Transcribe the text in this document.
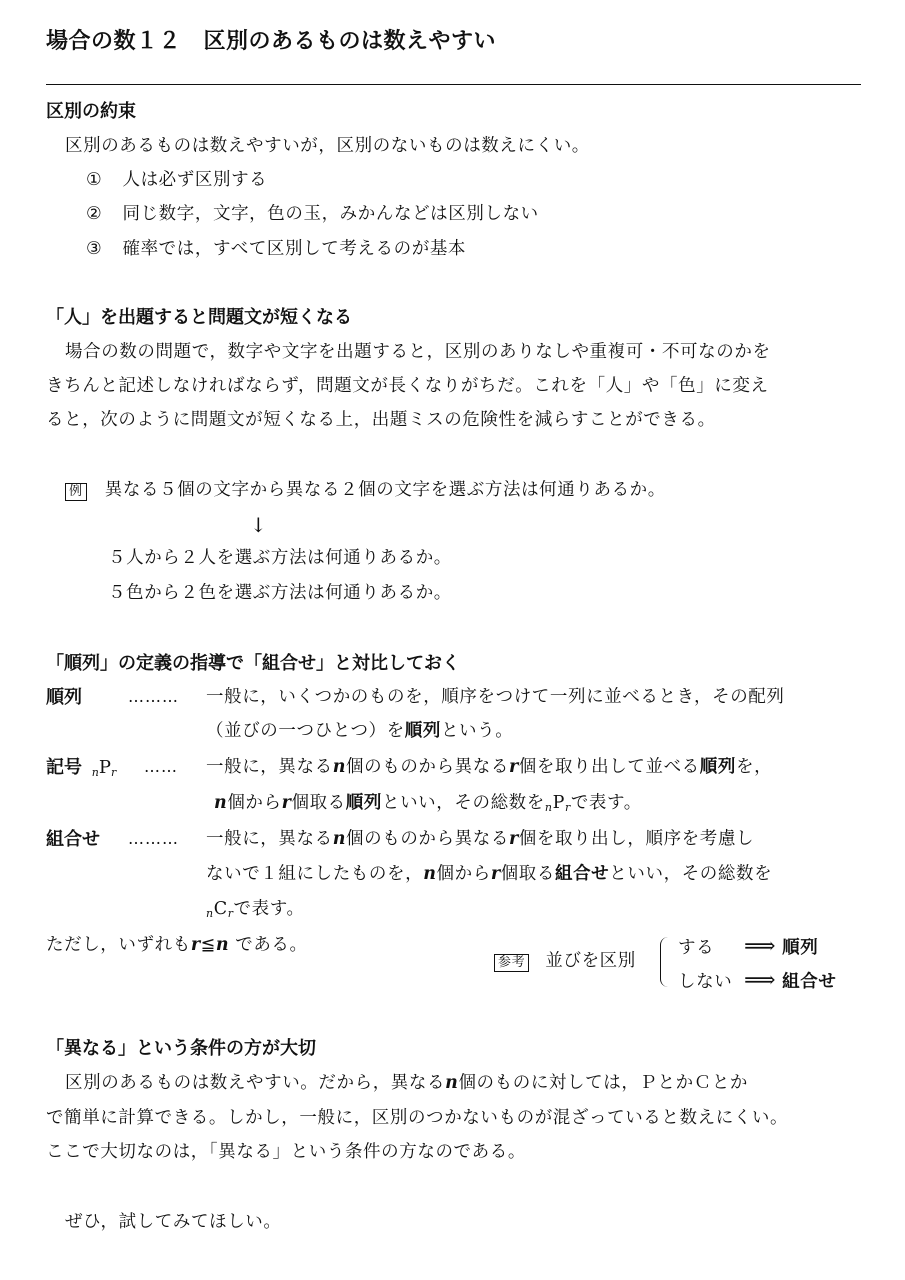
場合の数１２　区別のあるものは数えやすい
区別の約束
区別のあるものは数えやすいが，区別のないものは数えにくい。
① 人は必ず区別する
② 同じ数字，文字，色の玉，みかんなどは区別しない
③ 確率では，すべて区別して考えるのが基本
「人」を出題すると問題文が短くなる
場合の数の問題で，数字や文字を出題すると，区別のありなしや重複可・不可なのかを
きちんと記述しなければならず，問題文が長くなりがちだ。これを「人」や「色」に変え
ると，次のように問題文が短くなる上，出題ミスの危険性を減らすことができる。
例 異なる５個の文字から異なる２個の文字を選ぶ方法は何通りあるか。
↓
５人から２人を選ぶ方法は何通りあるか。
５色から２色を選ぶ方法は何通りあるか。
「順列」の定義の指導で「組合せ」と対比しておく
順列	……… 一般に，いくつかのものを，順序をつけて一列に並べるとき，その配列
（並びの一つひとつ）を順列という。
記号 $_nP_r$ …… 一般に，異なるn個のものから異なるr個を取り出して並べる順列を，
n個からr個取る順列といい，その総数を$_nP_r$で表す。
組合せ ……… 一般に，異なるn個のものから異なるr個を取り出し，順序を考慮し
ないで１組にしたものを，n個からr個取る組合せといい，その総数を
$_nC_r$で表す。
ただし，いずれもr≦n である。
参考 並びを区別
する ⟹ 順列
しない ⟹ 組合せ
「異なる」という条件の方が大切
区別のあるものは数えやすい。だから，異なるn個のものに対しては，ＰとかＣとか
で簡単に計算できる。しかし，一般に，区別のつかないものが混ざっていると数えにくい。
ここで大切なのは，「異なる」という条件の方なのである。
ぜひ，試してみてほしい。
